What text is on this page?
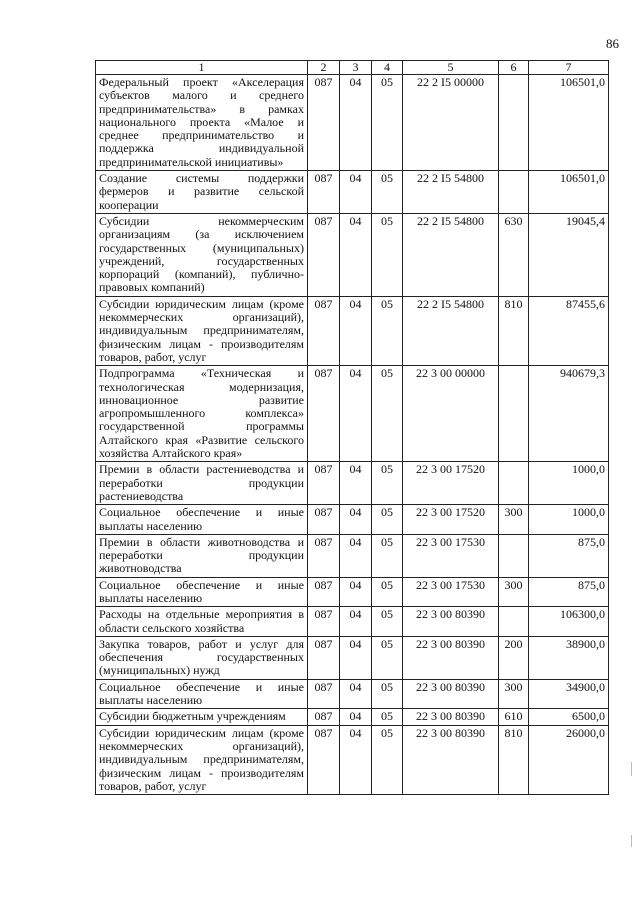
86
1	2	3	4	5	6	7
Федеральный проект «Акселерация субъектов малого и среднего предпринимательства» в рамках национального проекта «Малое и среднее предпринимательство и поддержка индивидуальной предпринимательской инициативы»	087	04	05	22 2 I5 00000		106501,0
Создание системы поддержки фермеров и развитие сельской кооперации	087	04	05	22 2 I5 54800		106501,0
Субсидии некоммерческим организациям (за исключением государственных (муниципальных) учреждений, государственных корпораций (компаний), публично-правовых компаний)	087	04	05	22 2 I5 54800	630	19045,4
Субсидии юридическим лицам (кроме некоммерческих организаций), индивидуальным предпринимателям, физическим лицам - производителям товаров, работ, услуг	087	04	05	22 2 I5 54800	810	87455,6
Подпрограмма «Техническая и технологическая модернизация, инновационное развитие агропромышленного комплекса» государственной программы Алтайского края «Развитие сельского хозяйства Алтайского края»	087	04	05	22 3 00 00000		940679,3
Премии в области растениеводства и переработки продукции растениеводства	087	04	05	22 3 00 17520		1000,0
Социальное обеспечение и иные выплаты населению	087	04	05	22 3 00 17520	300	1000,0
Премии в области животноводства и переработки продукции животноводства	087	04	05	22 3 00 17530		875,0
Социальное обеспечение и иные выплаты населению	087	04	05	22 3 00 17530	300	875,0
Расходы на отдельные мероприятия в области сельского хозяйства	087	04	05	22 3 00 80390		106300,0
Закупка товаров, работ и услуг для обеспечения государственных (муниципальных) нужд	087	04	05	22 3 00 80390	200	38900,0
Социальное обеспечение и иные выплаты населению	087	04	05	22 3 00 80390	300	34900,0
Субсидии бюджетным учреждениям	087	04	05	22 3 00 80390	610	6500,0
Субсидии юридическим лицам (кроме некоммерческих организаций), индивидуальным предпринимателям, физическим лицам - производителям товаров, работ, услуг	087	04	05	22 3 00 80390	810	26000,0
